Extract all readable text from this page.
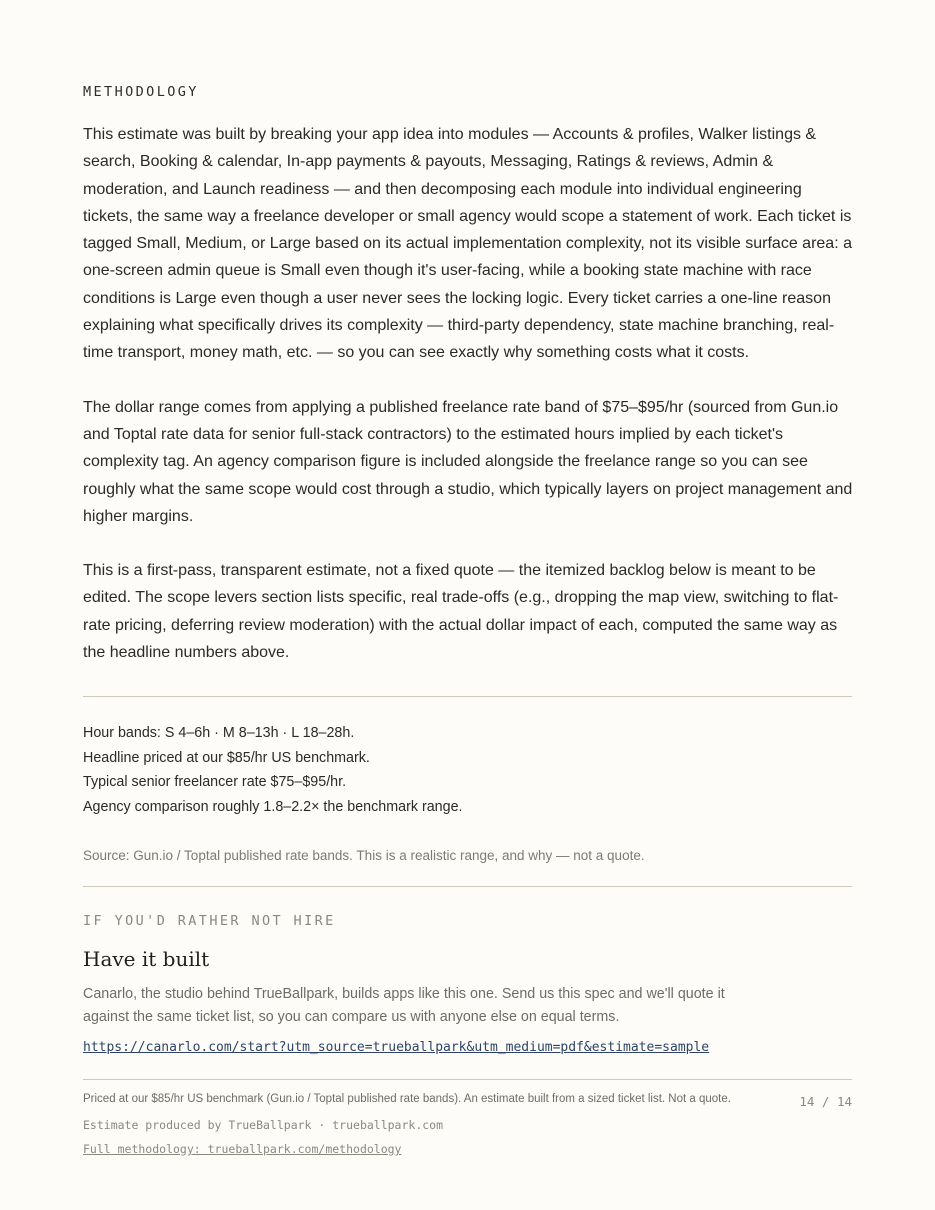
METHODOLOGY

This estimate was built by breaking your app idea into modules — Accounts & profiles, Walker listings & search, Booking & calendar, In-app payments & payouts, Messaging, Ratings & reviews, Admin & moderation, and Launch readiness — and then decomposing each module into individual engineering tickets, the same way a freelance developer or small agency would scope a statement of work. Each ticket is tagged Small, Medium, or Large based on its actual implementation complexity, not its visible surface area: a one-screen admin queue is Small even though it's user-facing, while a booking state machine with race conditions is Large even though a user never sees the locking logic. Every ticket carries a one-line reason explaining what specifically drives its complexity — third-party dependency, state machine branching, real-time transport, money math, etc. — so you can see exactly why something costs what it costs.

The dollar range comes from applying a published freelance rate band of $75–$95/hr (sourced from Gun.io and Toptal rate data for senior full-stack contractors) to the estimated hours implied by each ticket's complexity tag. An agency comparison figure is included alongside the freelance range so you can see roughly what the same scope would cost through a studio, which typically layers on project management and higher margins.

This is a first-pass, transparent estimate, not a fixed quote — the itemized backlog below is meant to be edited. The scope levers section lists specific, real trade-offs (e.g., dropping the map view, switching to flat-rate pricing, deferring review moderation) with the actual dollar impact of each, computed the same way as the headline numbers above.

Hour bands: S 4–6h · M 8–13h · L 18–28h.
Headline priced at our $85/hr US benchmark.
Typical senior freelancer rate $75–$95/hr.
Agency comparison roughly 1.8–2.2× the benchmark range.
Source: Gun.io / Toptal published rate bands. This is a realistic range, and why — not a quote.
IF YOU'D RATHER NOT HIRE
Have it built
Canarlo, the studio behind TrueBallpark, builds apps like this one. Send us this spec and we'll quote it against the same ticket list, so you can compare us with anyone else on equal terms.
https://canarlo.com/start?utm_source=trueballpark&utm_medium=pdf&estimate=sample
Priced at our $85/hr US benchmark (Gun.io / Toptal published rate bands). An estimate built from a sized ticket list. Not a quote.	14 / 14
Estimate produced by TrueBallpark · trueballpark.com
Full methodology: trueballpark.com/methodology
